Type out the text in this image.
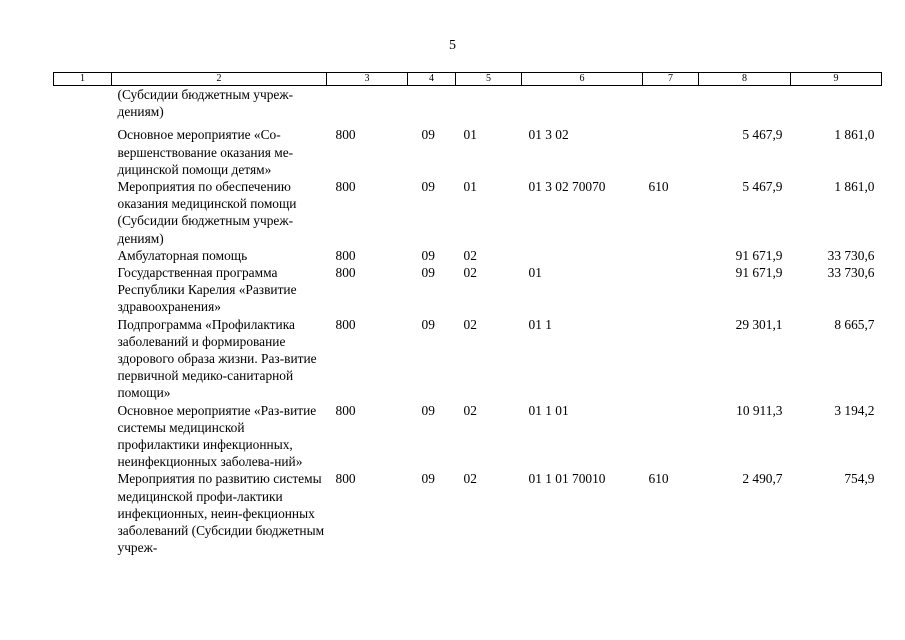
5
1	2	3	4	5	6	7	8	9
	(Субсидии бюджетным учреж-дениям)							
	Основное мероприятие «Со-вершенствование оказания ме-дицинской помощи детям»	800	09	01	01 3 02		5 467,9	1 861,0
	Мероприятия по обеспечению оказания медицинской помощи (Субсидии бюджетным учреж-дениям)	800	09	01	01 3 02 70070	610	5 467,9	1 861,0
	Амбулаторная помощь	800	09	02			91 671,9	33 730,6
	Государственная программа Республики Карелия «Развитие здравоохранения»	800	09	02	01		91 671,9	33 730,6
	Подпрограмма «Профилактика заболеваний и формирование здорового образа жизни. Раз-витие первичной медико-санитарной помощи»	800	09	02	01 1		29 301,1	8 665,7
	Основное мероприятие «Раз-витие системы медицинской профилактики инфекционных, неинфекционных заболева-ний»	800	09	02	01 1 01		10 911,3	3 194,2
	Мероприятия по развитию системы медицинской профи-лактики инфекционных, неин-фекционных заболеваний (Субсидии бюджетным учреж-	800	09	02	01 1 01 70010	610	2 490,7	754,9
